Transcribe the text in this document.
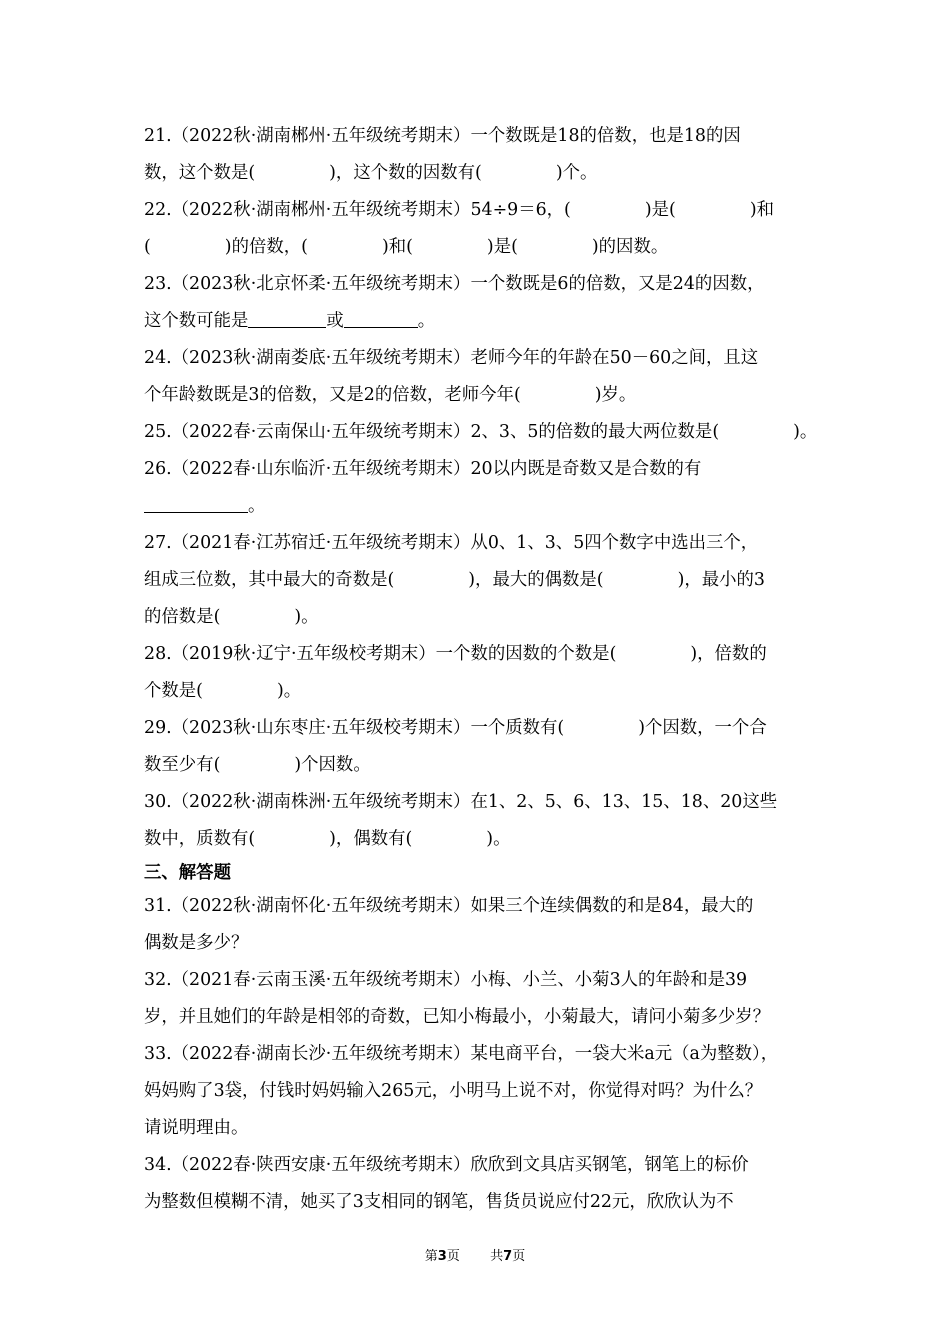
21.（2022秋·湖南郴州·五年级统考期末）一个数既是18的倍数，也是18的因
数，这个数是(	)，这个数的因数有(	)个。
22.（2022秋·湖南郴州·五年级统考期末）54÷9＝6，(	)是(	)和
(	)的倍数，(	)和(	)是(	)的因数。
23.（2023秋·北京怀柔·五年级统考期末）一个数既是6的倍数，又是24的因数，
这个数可能是	或	。
24.（2023秋·湖南娄底·五年级统考期末）老师今年的年龄在50－60之间，且这
个年龄数既是3的倍数，又是2的倍数，老师今年(	)岁。
25.（2022春·云南保山·五年级统考期末）2、3、5的倍数的最大两位数是(	)。
26.（2022春·山东临沂·五年级统考期末）20以内既是奇数又是合数的有
。
27.（2021春·江苏宿迁·五年级统考期末）从0、1、3、5四个数字中选出三个，
组成三位数，其中最大的奇数是(	)，最大的偶数是(	)，最小的3
的倍数是(	)。
28.（2019秋·辽宁·五年级校考期末）一个数的因数的个数是(	)，倍数的
个数是(	)。
29.（2023秋·山东枣庄·五年级校考期末）一个质数有(	)个因数，一个合
数至少有(	)个因数。
30.（2022秋·湖南株洲·五年级统考期末）在1、2、5、6、13、15、18、20这些
数中，质数有(	)，偶数有(	)。
三、解答题
31.（2022秋·湖南怀化·五年级统考期末）如果三个连续偶数的和是84，最大的
偶数是多少？
32.（2021春·云南玉溪·五年级统考期末）小梅、小兰、小菊3人的年龄和是39
岁，并且她们的年龄是相邻的奇数，已知小梅最小，小菊最大，请问小菊多少岁？
33.（2022春·湖南长沙·五年级统考期末）某电商平台，一袋大米a元（a为整数），
妈妈购了3袋，付钱时妈妈输入265元，小明马上说不对，你觉得对吗？为什么？
请说明理由。
34.（2022春·陕西安康·五年级统考期末）欣欣到文具店买钢笔，钢笔上的标价
为整数但模糊不清，她买了3支相同的钢笔，售货员说应付22元，欣欣认为不
第3页 共7页
